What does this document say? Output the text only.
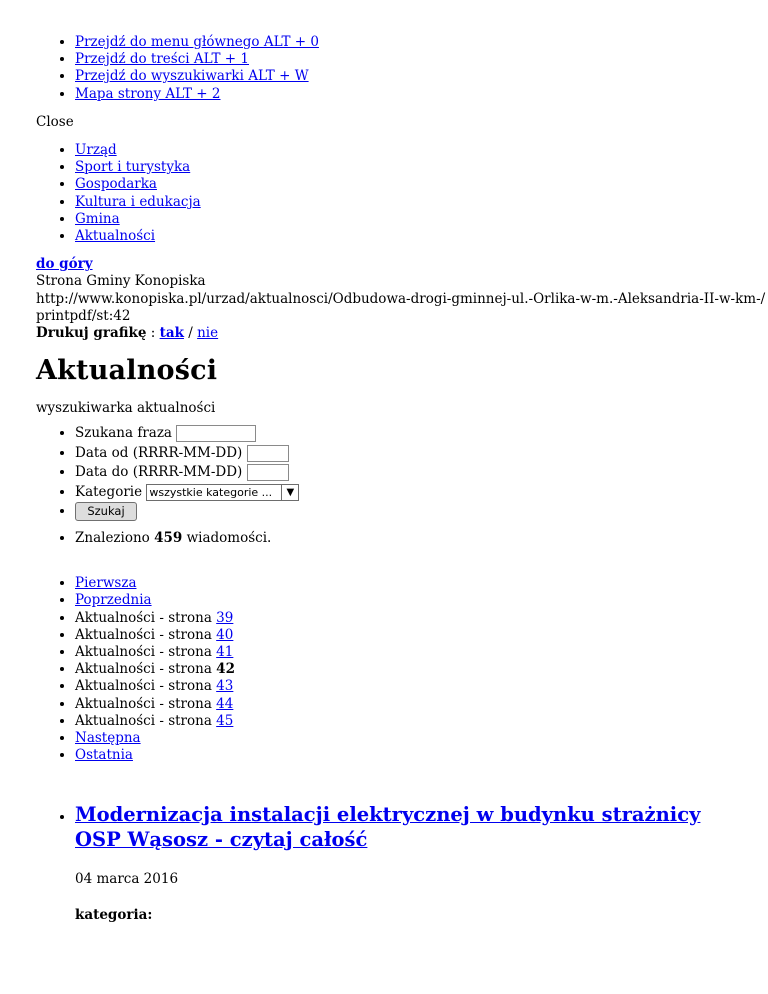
• Przejdź do menu głównego ALT + 0
• Przejdź do treści ALT + 1
• Przejdź do wyszukiwarki ALT + W
• Mapa strony ALT + 2
Close
• Urząd
• Sport i turystyka
• Gospodarka
• Kultura i edukacja
• Gmina
• Aktualności
do góry
Strona Gminy Konopiska
http://www.konopiska.pl/urzad/aktualnosci/Odbudowa-drogi-gminnej-ul.-Orlika-w-m.-Aleksandria-II-w-km-/
printpdf/st:42
Drukuj grafikę : tak / nie
Aktualności
wyszukiwarka aktualności
• Szukana fraza
• Data od (RRRR-MM-DD)
• Data do (RRRR-MM-DD)
• Kategorie wszystkie kategorie ...	▼
• Szukaj
• Znaleziono 459 wiadomości.
• Pierwsza
• Poprzednia
• Aktualności - strona 39
• Aktualności - strona 40
• Aktualności - strona 41
• Aktualności - strona 42
• Aktualności - strona 43
• Aktualności - strona 44
• Aktualności - strona 45
• Następna
• Ostatnia
• Modernizacja instalacji elektrycznej w budynku strażnicy OSP Wąsosz - czytaj całość
04 marca 2016
kategoria:
